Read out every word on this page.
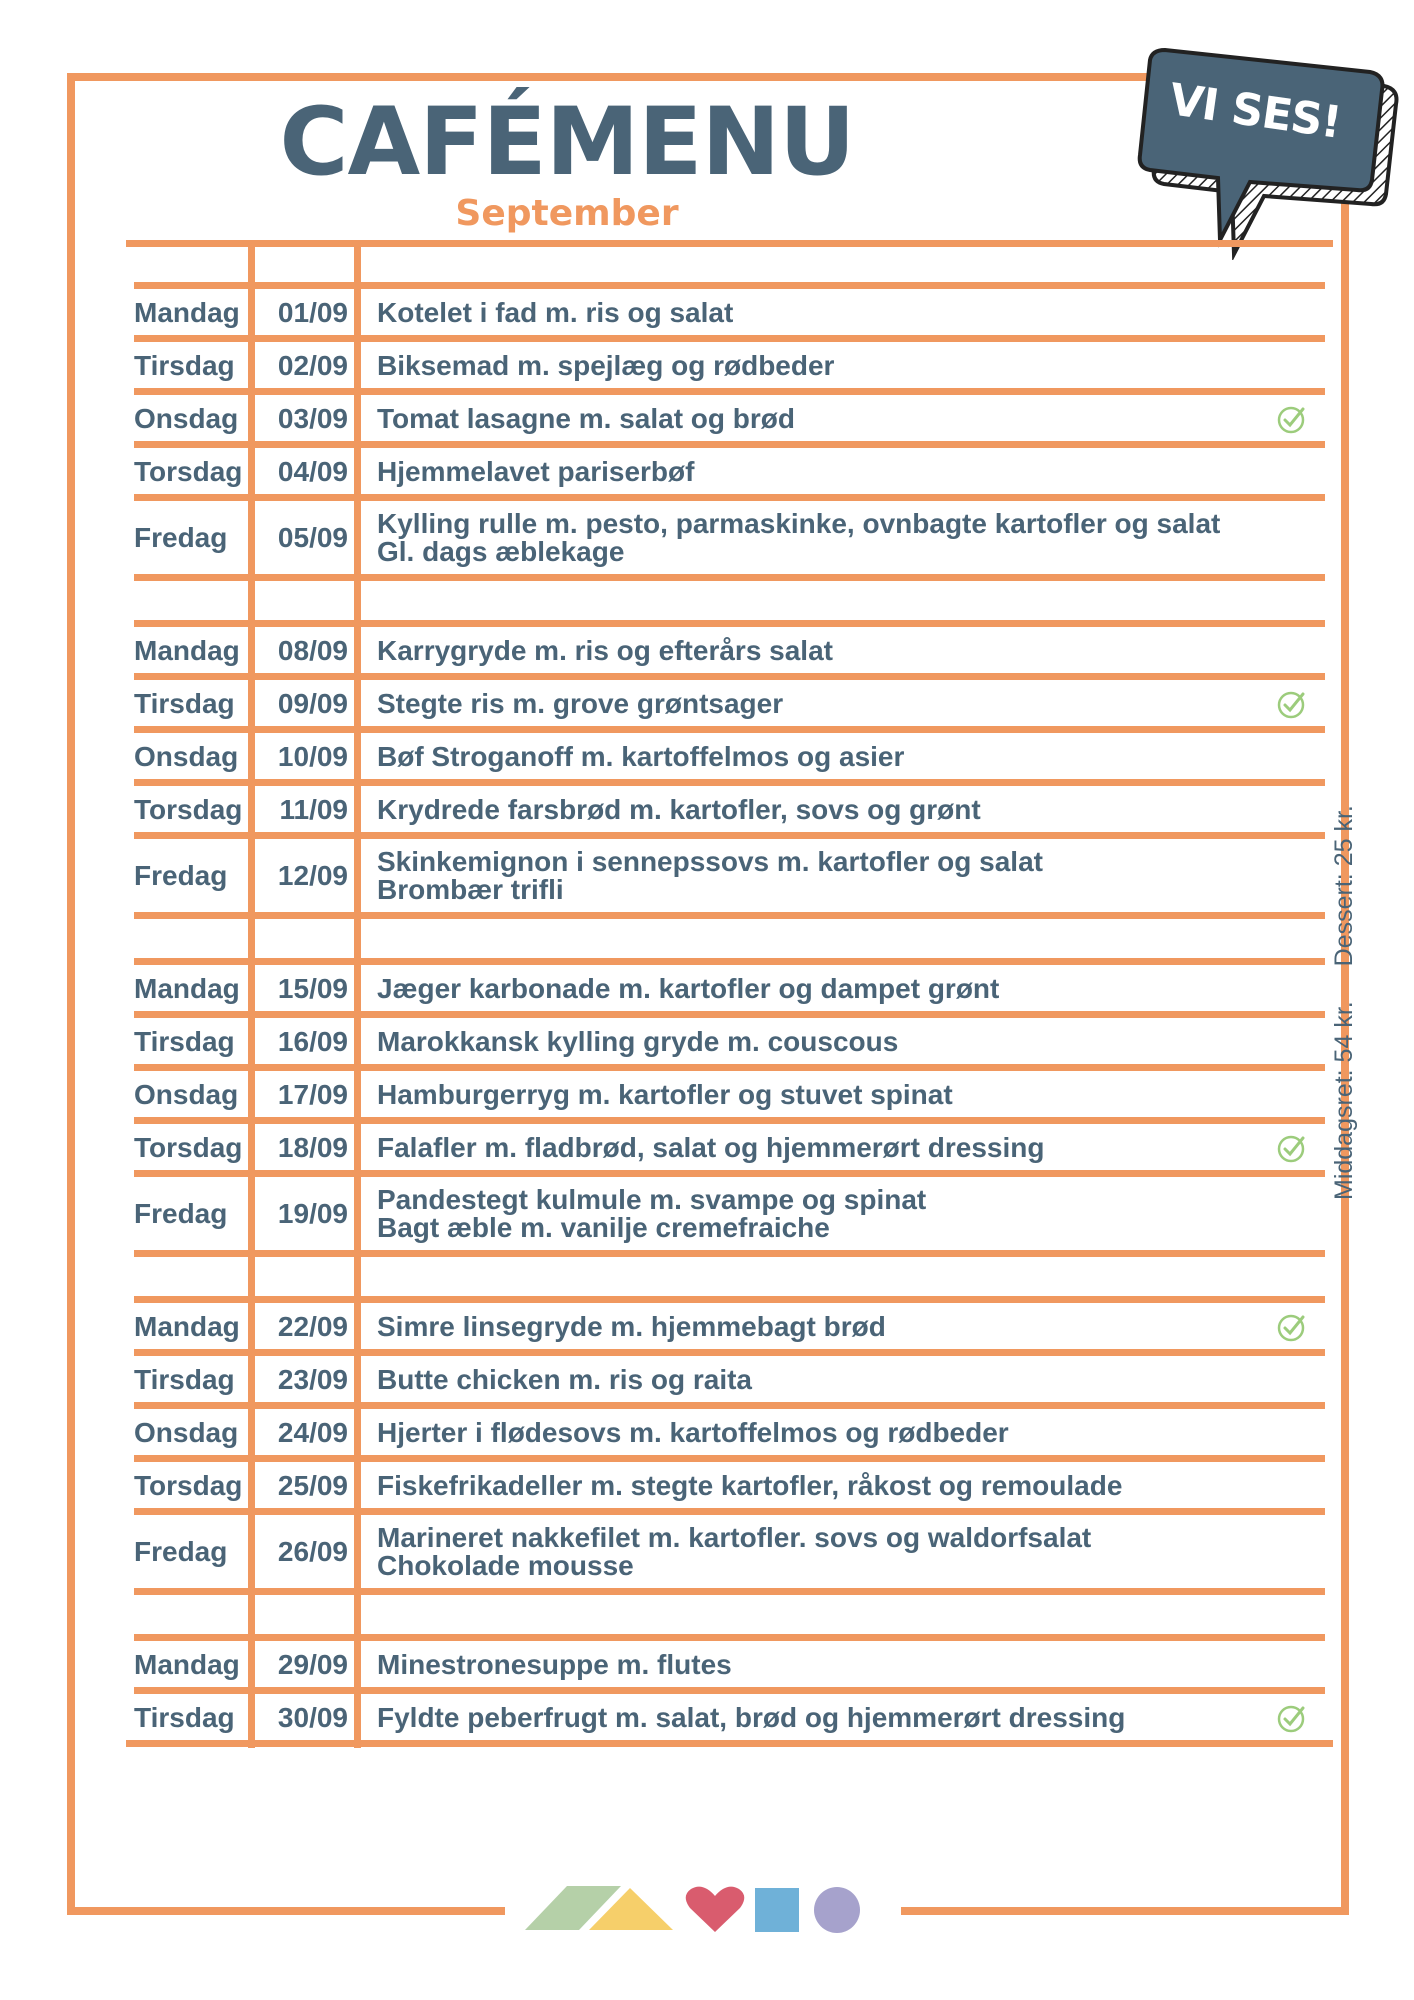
CAFÉMENU
September
VI SES!
Mandag	01/09 Kotelet i fad m. ris og salat
Tirsdag	02/09 Biksemad m. spejlæg og rødbeder
Onsdag	03/09 Tomat lasagne m. salat og brød
Torsdag	04/09 Hjemmelavet pariserbøf
Fredag	05/09 Kylling rulle m. pesto, parmaskinke, ovnbagte kartofler og salat
Gl. dags æblekage
Mandag	08/09 Karrygryde m. ris og efterårs salat
Tirsdag	09/09 Stegte ris m. grove grøntsager
Onsdag	10/09 Bøf Stroganoff m. kartoffelmos og asier
Torsdag	11/09 Krydrede farsbrød m. kartofler, sovs og grønt
Fredag	12/09 Skinkemignon i sennepssovs m. kartofler og salat
Brombær trifli
Mandag	15/09 Jæger karbonade m. kartofler og dampet grønt
Tirsdag	16/09 Marokkansk kylling gryde m. couscous
Onsdag	17/09 Hamburgerryg m. kartofler og stuvet spinat
Torsdag	18/09 Falafler m. fladbrød, salat og hjemmerørt dressing
Fredag	19/09 Pandestegt kulmule m. svampe og spinat
Bagt æble m. vanilje cremefraiche
Mandag	22/09 Simre linsegryde m. hjemmebagt brød
Tirsdag	23/09 Butte chicken m. ris og raita
Onsdag	24/09 Hjerter i flødesovs m. kartoffelmos og rødbeder
Torsdag	25/09 Fiskefrikadeller m. stegte kartofler, råkost og remoulade
Fredag	26/09 Marineret nakkefilet m. kartofler. sovs og waldorfsalat
Chokolade mousse
Mandag	29/09 Minestronesuppe m. flutes
Tirsdag	30/09 Fyldte peberfrugt m. salat, brød og hjemmerørt dressing
Middagsret: 54 kr. Dessert: 25 kr.
